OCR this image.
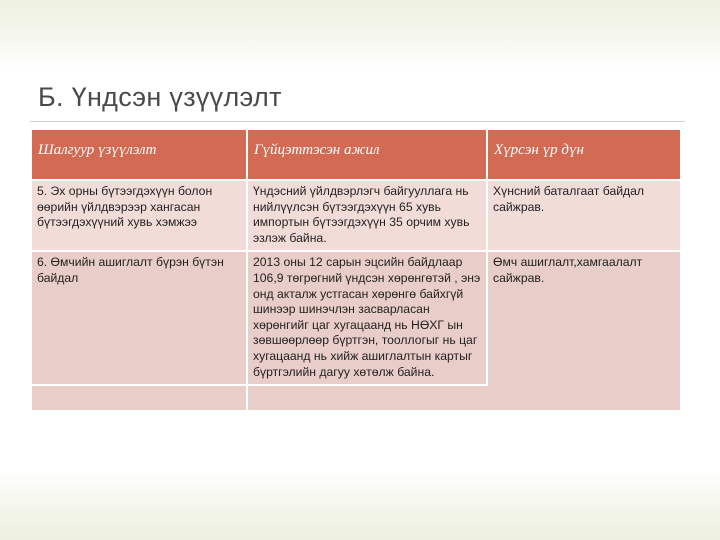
Б. Үндсэн үзүүлэлт
Шалгуур үзүүлэлт	Гүйцэттэсэн ажил	Хүрсэн үр дүн
5. Эх орны бүтээгдэхүүн болон өөрийн үйлдвэрээр хангасан бүтээгдэхүүний хувь хэмжээ	Үндэсний үйлдвэрлэгч байгууллага нь нийлүүлсэн бүтээгдэхүүн 65 хувь импортын бүтээгдэхүүн 35 орчим хувь эзлэж байна.	Хүнсний баталгаат байдал сайжрав.
6. Өмчийн ашиглалт бүрэн бүтэн байдал	2013 оны 12 сарын эцсийн байдлаар 106,9 төгрөгний үндсэн хөрөнгөтэй , энэ онд акталж устгасан хөрөнгө байхгүй шинээр шинэчлэн засварласан хөрөнгийг цаг хугацаанд нь НӨХГ ын зөвшөөрлөөр бүртгэн, тооллогыг нь цаг хугацаанд нь хийж ашиглалтын картыг бүртгэлийн дагуу хөтөлж байна.	Өмч ашиглалт,хамгаалалт сайжрав.
